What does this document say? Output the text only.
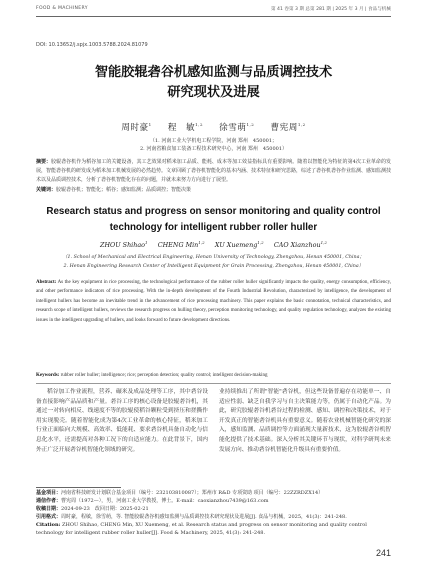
FOOD & MACHINERY	第 41 卷第 3 期 总第 281 期 | 2025 年 3 月 | 食品与机械
DOI: 10.13652/j.spjx.1003.5788.2024.81079
智能胶辊砻谷机感知监测与品质调控技术
研究现状及进展
周时豪$^1$ 程　敏$^{1,2}$ 徐雪萌$^{1,2}$ 曹宪周$^{1,2}$
（1. 河南工业大学机电工程学院，河南 郑州　450001；
2. 河南省粮食加工装备工程技术研究中心，河南 郑州　450001）
摘要：胶辊砻谷机作为稻谷加工的关键设备，其工艺效果对稻米加工品质、能耗、成本等加工效益指标具有重要影响。随着以智能化为特征的第4次工业革命的发展，智能砻谷机的研发成为稻米加工机械发展的必然趋势。文章回顾了砻谷机智能化的基本内涵、技术特征和研究思路，综述了砻谷机砻谷作业监测、感知监测技术以及品质调控技术，分析了砻谷机智能化存在的问题，并就未来努力方向进行了展望。
关键词：胶辊砻谷机；智能化；稻谷；感知监测；品质调控；智能决策
Research status and progress on sensor monitoring and quality control
technology for intelligent rubber roller huller
ZHOU Shihao$^1$ CHENG Min$^{1,2}$ XU Xuemeng$^{1,2}$ CAO Xianzhou$^{1,2}$
（1. School of Mechanical and Electrical Engineering, Henan University of Technology, Zhengzhou, Henan 450001, China；
2. Henan Engineering Research Center of Intelligent Equipment for Grain Processing, Zhengzhou, Henan 450001, China）
Abstract: As the key equipment in rice processing, the technological performance of the rubber roller huller significantly impacts the quality, energy consumption, efficiency, and other performance indicators of rice processing. With the in-depth development of the Fourth Industrial Revolution, characterized by intelligence, the development of intelligent hullers has become an inevitable trend in the advancement of rice processing machinery. This paper explains the basic connotation, technical characteristics, and research scope of intelligent hullers, reviews the research progress on hulling theory, perception monitoring technology, and quality regulation technology, analyzes the existing issues in the intelligent upgrading of hullers, and looks forward to future development directions.
Keywords: rubber roller huller; intelligence; rice; perception detection; quality control; intelligent decision-making
稻谷加工作业流程，营养、碾米及成品处理等工序，其中砻谷设备直接影响产品品质和产量。砻谷工序的核心设备是胶辊砻谷机，其通过一对转向相反、线速度不等的胶辊使稻谷颗粒受到挤压和搓撕作用实现脱壳。随着智能化成为第4次工业革命的核心特征，稻米加工行业正面临向大规模、高效率、低能耗、要求砻谷机具备自动化与信息化水平，还需提高对各种工况下的自适应能力。在此背景下，国内外正广泛开展砻谷机智能化领域的研究。
业持续推出了所谓"智能"砻谷机，但这些设备普遍存在功能单一、自适应性弱、缺乏自我学习与自主决策能力等，仍属于自动化产品。为此，研究胶辊砻谷机砻谷过程的检测、感知、调控和决策技术，对于开发真正的智能砻谷机具有重要意义。随着农业机械智能化研究的深入，感知监测、品质调控等方面涌现大量新技术，这为胶辊砻谷机智能化提供了技术基础。深入分析其关键环节与现状，对科学研判未来发展方向、推动砻谷机智能化升级具有重要价值。
基金项目：河南省科技研发计划联合基金项目（编号：232103810087）；郑州市 R&D 专项资助 项目（编号：22ZZRDZX14）
通信作者：曹宪周（1972—），男，河南工业大学教授，博士。E-mail：caoxianzhou7439@163.com
收稿日期：2024-09-23　改回日期：2025-02-21
引用格式：周时豪，程敏，徐雪萌，等. 智能胶辊砻谷机感知监测与品质调控技术研究现状及进展[J]. 食品与机械，2025，41(3)：241-248.
Citation: ZHOU Shihao, CHENG Min, XU Xuemeng, et al. Research status and progress on sensor monitoring and quality control technology for intelligent rubber roller huller[J]. Food & Machinery, 2025, 41(3): 241-248.
241
